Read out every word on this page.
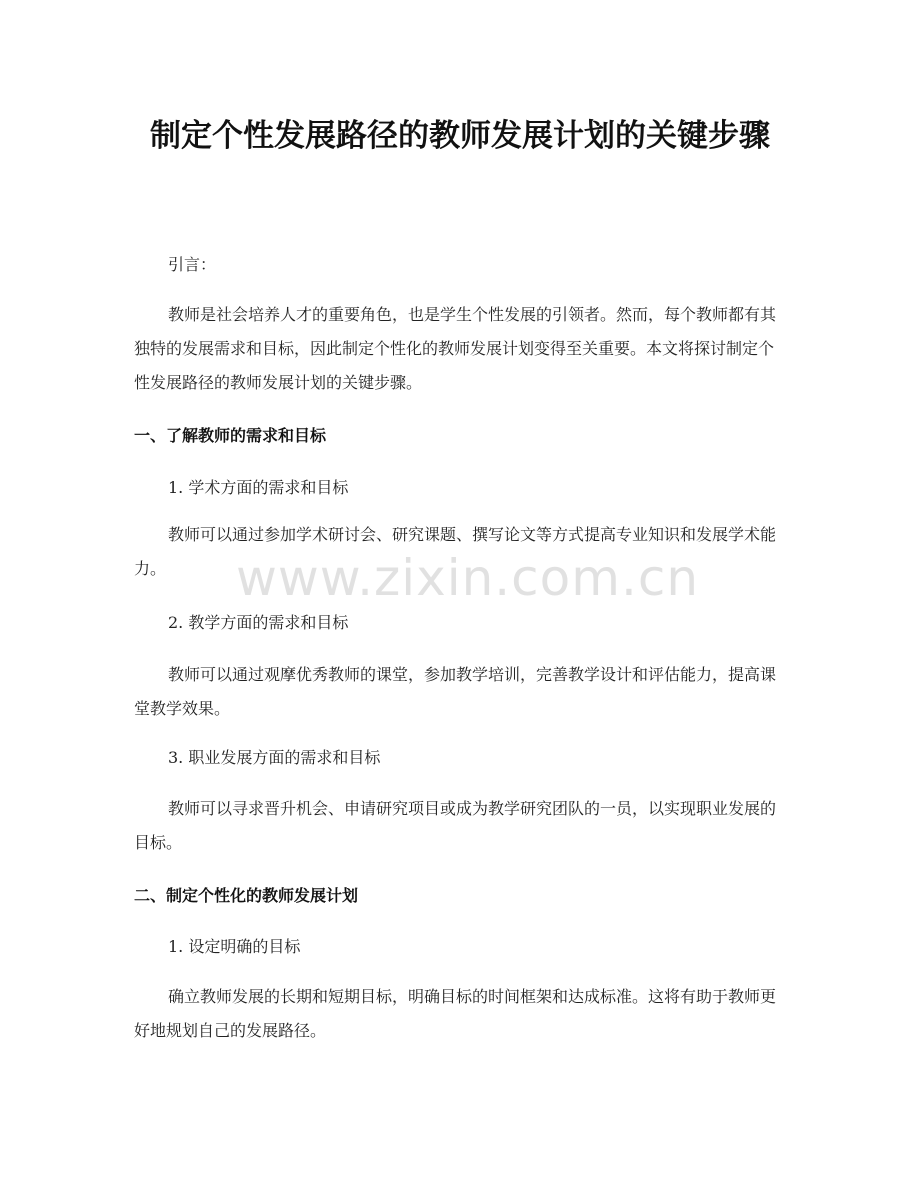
制定个性发展路径的教师发展计划的关键步骤

引言：

教师是社会培养人才的重要角色，也是学生个性发展的引领者。然而，每个教师都有其独特的发展需求和目标，因此制定个性化的教师发展计划变得至关重要。本文将探讨制定个性发展路径的教师发展计划的关键步骤。

一、了解教师的需求和目标

1. 学术方面的需求和目标

教师可以通过参加学术研讨会、研究课题、撰写论文等方式提高专业知识和发展学术能力。

2. 教学方面的需求和目标

教师可以通过观摩优秀教师的课堂，参加教学培训，完善教学设计和评估能力，提高课堂教学效果。

3. 职业发展方面的需求和目标

教师可以寻求晋升机会、申请研究项目或成为教学研究团队的一员，以实现职业发展的目标。

二、制定个性化的教师发展计划

1. 设定明确的目标

确立教师发展的长期和短期目标，明确目标的时间框架和达成标准。这将有助于教师更好地规划自己的发展路径。

www.zixin.com.cn
